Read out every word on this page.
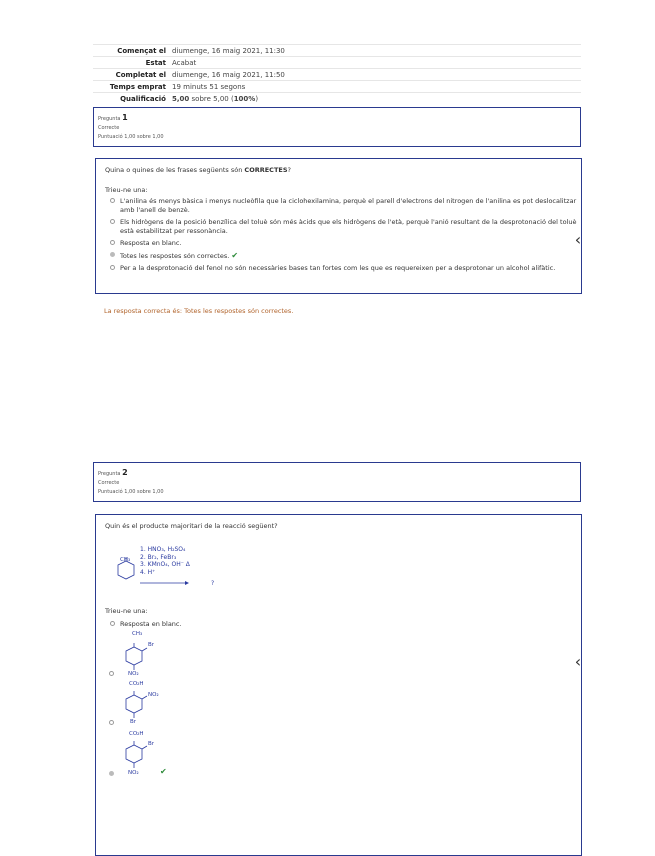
Començat el	diumenge, 16 maig 2021, 11:30
Estat	Acabat
Completat el	diumenge, 16 maig 2021, 11:50
Temps emprat	19 minuts 51 segons
Qualificació	5,00 sobre 5,00 (100%)
Pregunta 1
Correcte
Puntuació 1,00 sobre 1,00
Quina o quines de les frases següents són CORRECTES?
Trieu-ne una:
L'anilina és menys bàsica i menys nucleòfila que la ciclohexilamina, perquè el parell d'electrons del nitrogen de l'anilina es pot deslocalitzar amb l'anell de benzè.
Els hidrògens de la posició benzílica del toluè són més àcids que els hidrògens de l'età, perquè l'anió resultant de la desprotonació del toluè està estabilitzat per ressonància.
Resposta en blanc.
Totes les respostes són correctes. ✔
Per a la desprotonació del fenol no són necessàries bases tan fortes com les que es requereixen per a desprotonar un alcohol alifàtic.
La resposta correcta és: Totes les respostes són correctes.
‹
Pregunta 2
Correcte
Puntuació 1,00 sobre 1,00
Quin és el producte majoritari de la reacció següent?
CH₃
1. HNO₃, H₂SO₄
2. Br₂, FeBr₃
3. KMnO₄, OH⁻ Δ
4. H⁺
?
Trieu-ne una:
Resposta en blanc.
CH₃
Br
NO₂
CO₂H
NO₂
Br
CO₂H
Br
NO₂	✔
‹
